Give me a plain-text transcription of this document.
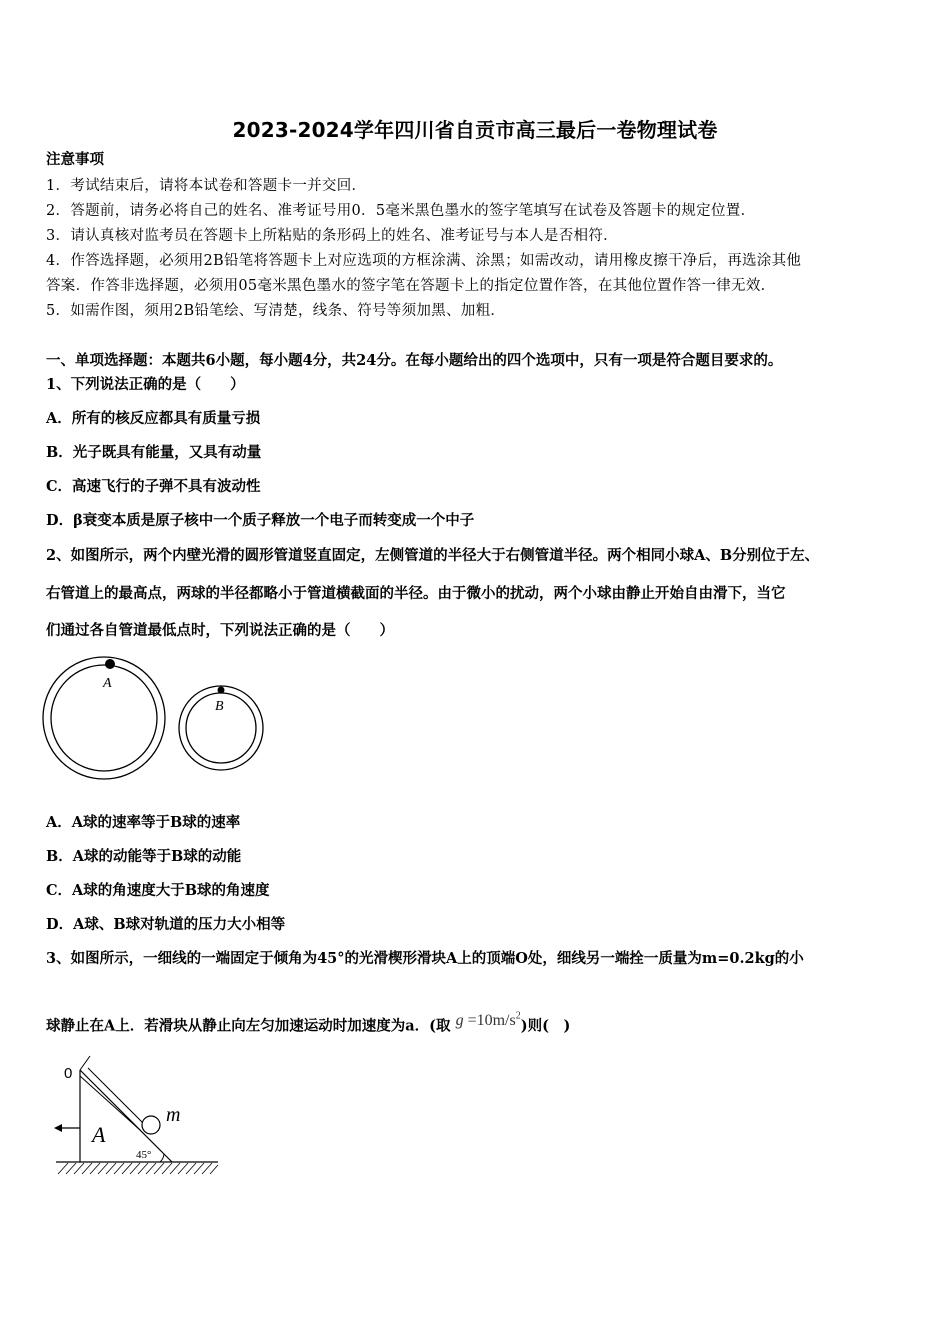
2023-2024学年四川省自贡市高三最后一卷物理试卷
注意事项
1．考试结束后，请将本试卷和答题卡一并交回．
2．答题前，请务必将自己的姓名、准考证号用0．5毫米黑色墨水的签字笔填写在试卷及答题卡的规定位置．
3．请认真核对监考员在答题卡上所粘贴的条形码上的姓名、准考证号与本人是否相符．
4．作答选择题，必须用2B铅笔将答题卡上对应选项的方框涂满、涂黑；如需改动，请用橡皮擦干净后，再选涂其他
答案．作答非选择题，必须用05毫米黑色墨水的签字笔在答题卡上的指定位置作答，在其他位置作答一律无效．
5．如需作图，须用2B铅笔绘、写清楚，线条、符号等须加黑、加粗．
一、单项选择题：本题共6小题，每小题4分，共24分。在每小题给出的四个选项中，只有一项是符合题目要求的。
1、下列说法正确的是（　　）
A．所有的核反应都具有质量亏损
B．光子既具有能量，又具有动量
C．高速飞行的子弹不具有波动性
D．β衰变本质是原子核中一个质子释放一个电子而转变成一个中子
2、如图所示，两个内壁光滑的圆形管道竖直固定，左侧管道的半径大于右侧管道半径。两个相同小球A、B分别位于左、
右管道上的最高点，两球的半径都略小于管道横截面的半径。由于微小的扰动，两个小球由静止开始自由滑下，当它
们通过各自管道最低点时，下列说法正确的是（　　）
A
B
A．A球的速率等于B球的速率
B．A球的动能等于B球的动能
C．A球的角速度大于B球的角速度
D．A球、B球对轨道的压力大小相等
3、如图所示，一细线的一端固定于倾角为45°的光滑楔形滑块A上的顶端O处，细线另一端拴一质量为m=0.2kg的小
球静止在A上．若滑块从静止向左匀加速运动时加速度为a．(取 $g =10m/s^2$)则(　)
0
m
A
45°
